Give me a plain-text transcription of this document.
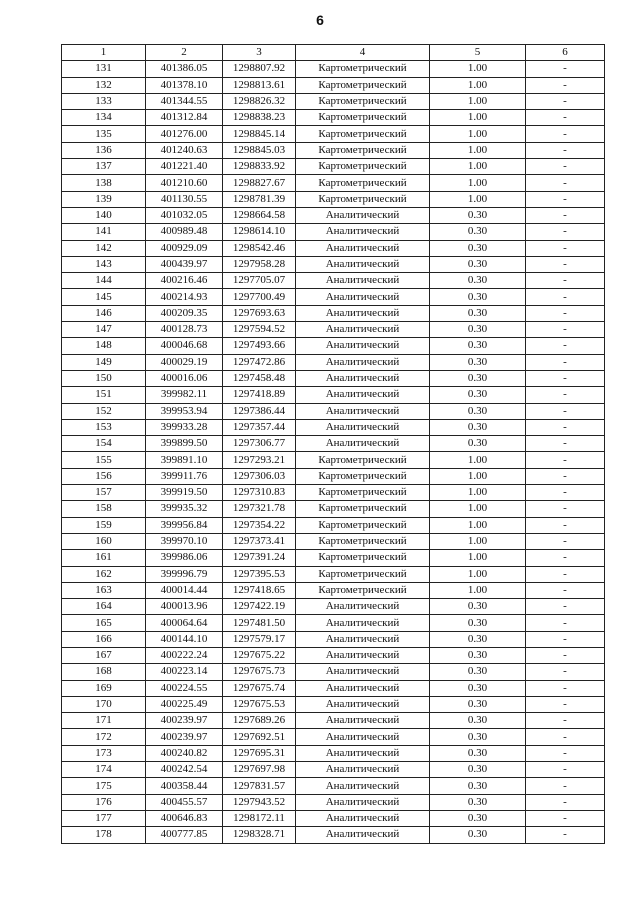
6
1	2	3	4	5	6
131	401386.05	1298807.92	Картометрический	1.00	-
132	401378.10	1298813.61	Картометрический	1.00	-
133	401344.55	1298826.32	Картометрический	1.00	-
134	401312.84	1298838.23	Картометрический	1.00	-
135	401276.00	1298845.14	Картометрический	1.00	-
136	401240.63	1298845.03	Картометрический	1.00	-
137	401221.40	1298833.92	Картометрический	1.00	-
138	401210.60	1298827.67	Картометрический	1.00	-
139	401130.55	1298781.39	Картометрический	1.00	-
140	401032.05	1298664.58	Аналитический	0.30	-
141	400989.48	1298614.10	Аналитический	0.30	-
142	400929.09	1298542.46	Аналитический	0.30	-
143	400439.97	1297958.28	Аналитический	0.30	-
144	400216.46	1297705.07	Аналитический	0.30	-
145	400214.93	1297700.49	Аналитический	0.30	-
146	400209.35	1297693.63	Аналитический	0.30	-
147	400128.73	1297594.52	Аналитический	0.30	-
148	400046.68	1297493.66	Аналитический	0.30	-
149	400029.19	1297472.86	Аналитический	0.30	-
150	400016.06	1297458.48	Аналитический	0.30	-
151	399982.11	1297418.89	Аналитический	0.30	-
152	399953.94	1297386.44	Аналитический	0.30	-
153	399933.28	1297357.44	Аналитический	0.30	-
154	399899.50	1297306.77	Аналитический	0.30	-
155	399891.10	1297293.21	Картометрический	1.00	-
156	399911.76	1297306.03	Картометрический	1.00	-
157	399919.50	1297310.83	Картометрический	1.00	-
158	399935.32	1297321.78	Картометрический	1.00	-
159	399956.84	1297354.22	Картометрический	1.00	-
160	399970.10	1297373.41	Картометрический	1.00	-
161	399986.06	1297391.24	Картометрический	1.00	-
162	399996.79	1297395.53	Картометрический	1.00	-
163	400014.44	1297418.65	Картометрический	1.00	-
164	400013.96	1297422.19	Аналитический	0.30	-
165	400064.64	1297481.50	Аналитический	0.30	-
166	400144.10	1297579.17	Аналитический	0.30	-
167	400222.24	1297675.22	Аналитический	0.30	-
168	400223.14	1297675.73	Аналитический	0.30	-
169	400224.55	1297675.74	Аналитический	0.30	-
170	400225.49	1297675.53	Аналитический	0.30	-
171	400239.97	1297689.26	Аналитический	0.30	-
172	400239.97	1297692.51	Аналитический	0.30	-
173	400240.82	1297695.31	Аналитический	0.30	-
174	400242.54	1297697.98	Аналитический	0.30	-
175	400358.44	1297831.57	Аналитический	0.30	-
176	400455.57	1297943.52	Аналитический	0.30	-
177	400646.83	1298172.11	Аналитический	0.30	-
178	400777.85	1298328.71	Аналитический	0.30	-
